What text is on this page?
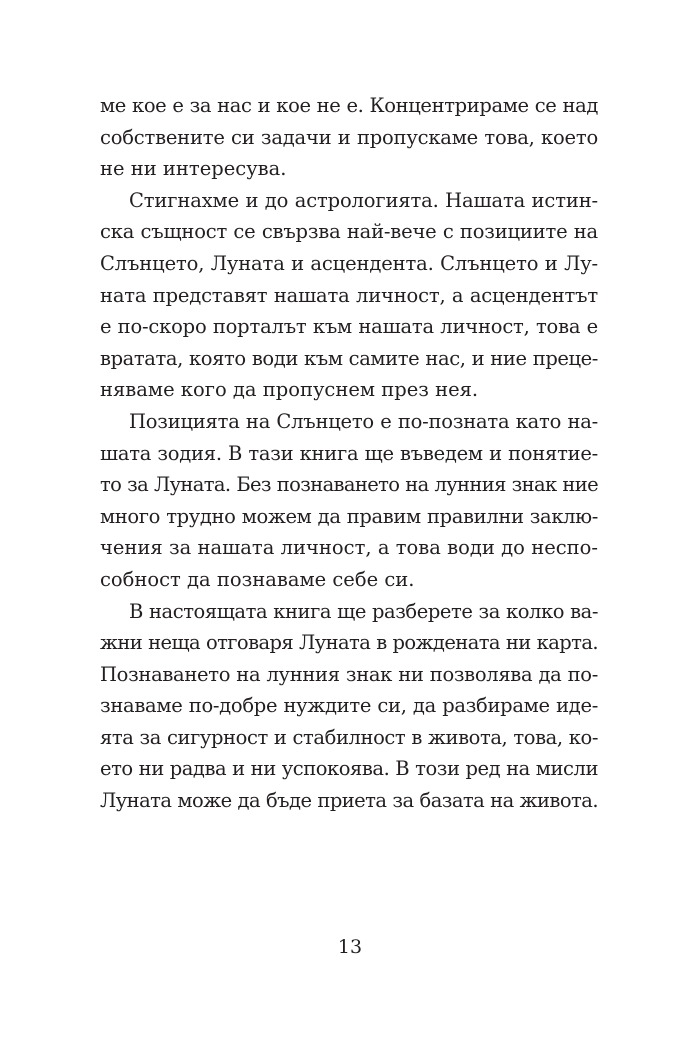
ме кое е за нас и кое не е. Концентрираме се над
собствените си задачи и пропускаме това, което
не ни интересува.

Стигнахме и до астрологията. Нашата истин-
ска същност се свързва най-вече с позициите на
Слънцето, Луната и асцендента. Слънцето и Лу-
ната представят нашата личност, а асцендентът
е по-скоро порталът към нашата личност, това е
вратата, която води към самите нас, и ние преце-
няваме кого да пропуснем през нея.

Позицията на Слънцето е по-позната като на-
шата зодия. В тази книга ще въведем и понятие-
то за Луната. Без познаването на лунния знак ние
много трудно можем да правим правилни заклю-
чения за нашата личност, а това води до неспо-
собност да познаваме себе си.

В настоящата книга ще разберете за колко ва-
жни неща отговаря Луната в рождената ни карта.
Познаването на лунния знак ни позволява да по-
знаваме по-добре нуждите си, да разбираме иде-
ята за сигурност и стабилност в живота, това, ко-
ето ни радва и ни успокоява. В този ред на мисли
Луната може да бъде приета за базата на живота.

13
